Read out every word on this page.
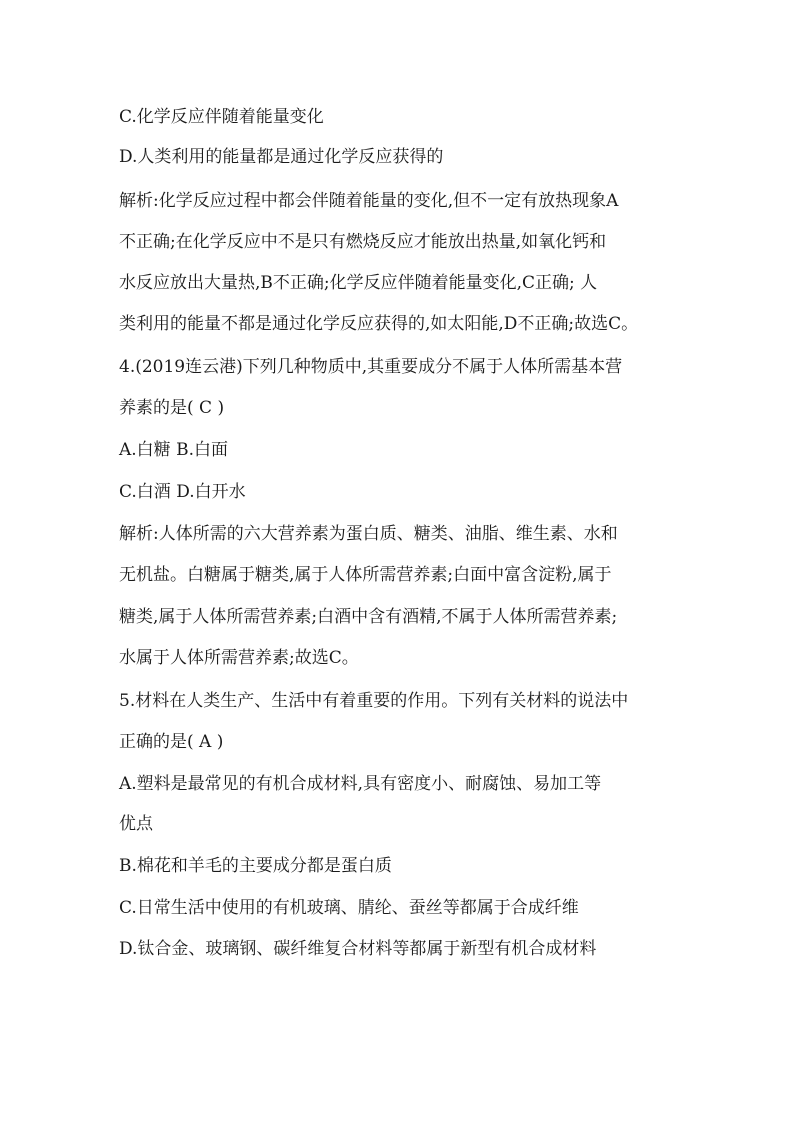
C.化学反应伴随着能量变化
D.人类利用的能量都是通过化学反应获得的
解析:化学反应过程中都会伴随着能量的变化,但不一定有放热现象A
不正确;在化学反应中不是只有燃烧反应才能放出热量,如氧化钙和
水反应放出大量热,B不正确;化学反应伴随着能量变化,C正确; 人
类利用的能量不都是通过化学反应获得的,如太阳能,D不正确;故选C。
4.(2019连云港)下列几种物质中,其重要成分不属于人体所需基本营
养素的是( C )
A.白糖 B.白面
C.白酒 D.白开水
解析:人体所需的六大营养素为蛋白质、糖类、油脂、维生素、水和
无机盐。白糖属于糖类,属于人体所需营养素;白面中富含淀粉,属于
糖类,属于人体所需营养素;白酒中含有酒精,不属于人体所需营养素;
水属于人体所需营养素;故选C。
5.材料在人类生产、生活中有着重要的作用。下列有关材料的说法中
正确的是( A )
A.塑料是最常见的有机合成材料,具有密度小、耐腐蚀、易加工等
优点
B.棉花和羊毛的主要成分都是蛋白质
C.日常生活中使用的有机玻璃、腈纶、蚕丝等都属于合成纤维
D.钛合金、玻璃钢、碳纤维复合材料等都属于新型有机合成材料
